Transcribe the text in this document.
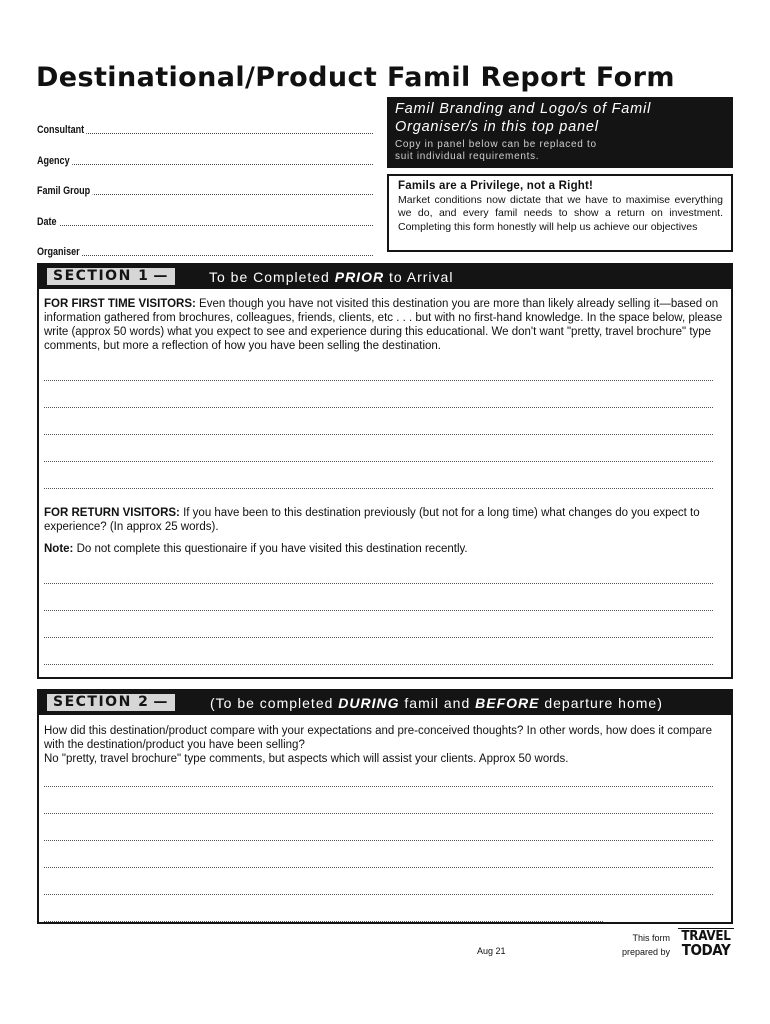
Destinational/Product Famil Report Form
Consultant
Agency
Famil Group
Date
Organiser
Famil Branding and Logo/s of Famil
Organiser/s in this top panel
Copy in panel below can be replaced to
suit individual requirements.
Famils are a Privilege, not a Right!
Market conditions now dictate that we have to maximise everything we do, and every famil needs to show a return on investment. Completing this form honestly will help us achieve our objectives
SECTION 1 —	To be Completed PRIOR to Arrival

FOR FIRST TIME VISITORS: Even though you have not visited this destination you are more than likely already selling it—based on information gathered from brochures, colleagues, friends, clients, etc . . . but with no first-hand knowledge. In the space below, please write (approx 50 words) what you expect to see and experience during this educational. We don't want "pretty, travel brochure" type comments, but more a reflection of how you have been selling the destination.

FOR RETURN VISITORS: If you have been to this destination previously (but not for a long time) what changes do you expect to experience? (In approx 25 words).

Note: Do not complete this questionaire if you have visited this destination recently.

SECTION 2 —	(To be completed DURING famil and BEFORE departure home)

How did this destination/product compare with your expectations and pre-conceived thoughts? In other words, how does it compare with the destination/product you have been selling?

No "pretty, travel brochure" type comments, but aspects which will assist your clients. Approx 50 words.

Aug 21
This form
prepared by
TRAVEL
TODAY
